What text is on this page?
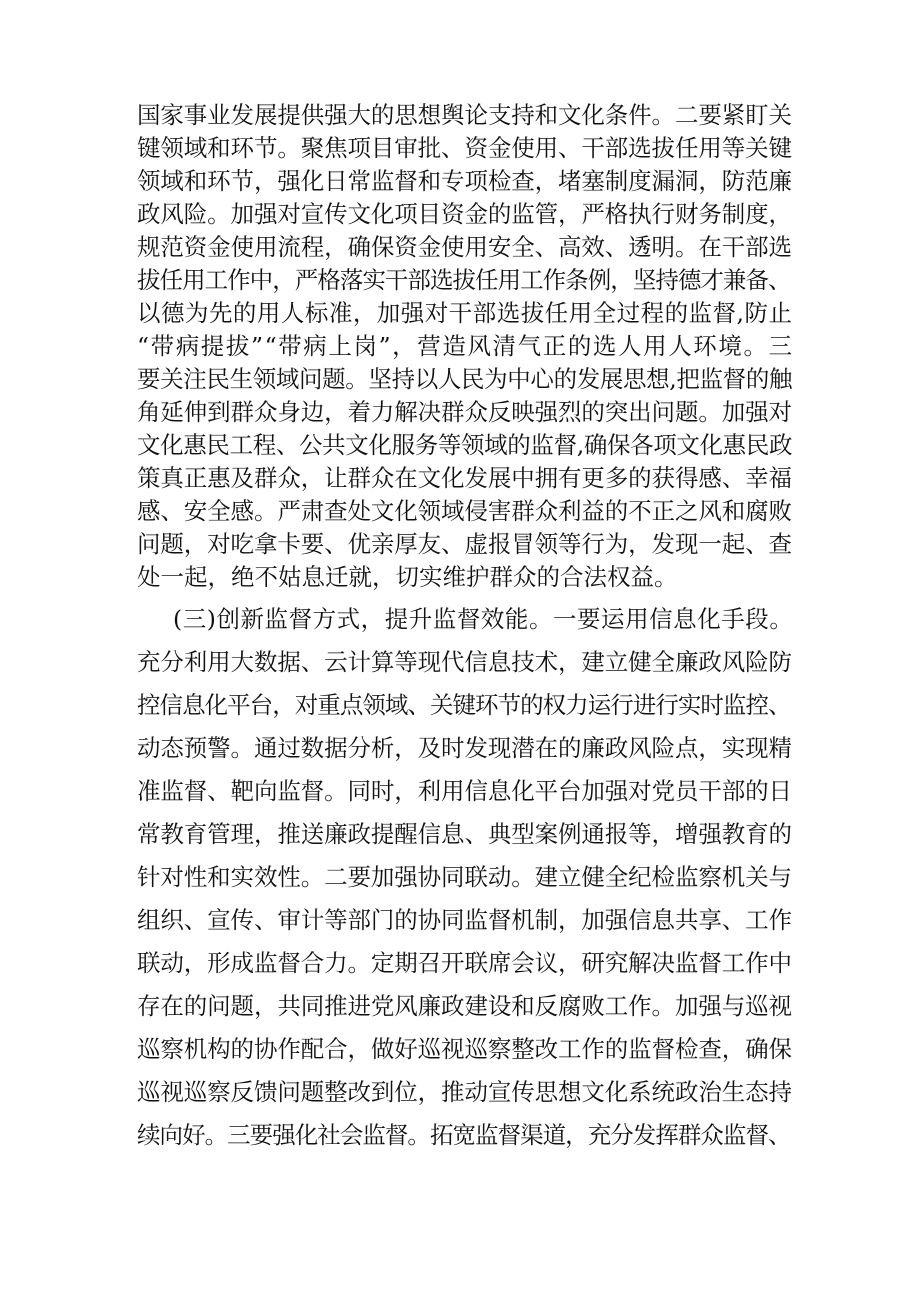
国家事业发展提供强大的思想舆论支持和文化条件。二要紧盯关

键领域和环节。聚焦项目审批、资金使用、干部选拔任用等关键

领域和环节，强化日常监督和专项检查，堵塞制度漏洞，防范廉

政风险。加强对宣传文化项目资金的监管，严格执行财务制度，

规范资金使用流程，确保资金使用安全、高效、透明。在干部选

拔任用工作中，严格落实干部选拔任用工作条例，坚持德才兼备、

以德为先的用人标准，加强对干部选拔任用全过程的监督,防止

“带病提拔”“带病上岗”，营造风清气正的选人用人环境。三

要关注民生领域问题。坚持以人民为中心的发展思想,把监督的触

角延伸到群众身边，着力解决群众反映强烈的突出问题。加强对

文化惠民工程、公共文化服务等领域的监督,确保各项文化惠民政

策真正惠及群众，让群众在文化发展中拥有更多的获得感、幸福

感、安全感。严肃查处文化领域侵害群众利益的不正之风和腐败

问题，对吃拿卡要、优亲厚友、虚报冒领等行为，发现一起、查

处一起，绝不姑息迁就，切实维护群众的合法权益。

(三)创新监督方式，提升监督效能。一要运用信息化手段。

充分利用大数据、云计算等现代信息技术，建立健全廉政风险防

控信息化平台，对重点领域、关键环节的权力运行进行实时监控、

动态预警。通过数据分析，及时发现潜在的廉政风险点，实现精

准监督、靶向监督。同时，利用信息化平台加强对党员干部的日

常教育管理，推送廉政提醒信息、典型案例通报等，增强教育的

针对性和实效性。二要加强协同联动。建立健全纪检监察机关与

组织、宣传、审计等部门的协同监督机制，加强信息共享、工作

联动，形成监督合力。定期召开联席会议，研究解决监督工作中

存在的问题，共同推进党风廉政建设和反腐败工作。加强与巡视

巡察机构的协作配合，做好巡视巡察整改工作的监督检查，确保

巡视巡察反馈问题整改到位，推动宣传思想文化系统政治生态持

续向好。三要强化社会监督。拓宽监督渠道，充分发挥群众监督、
